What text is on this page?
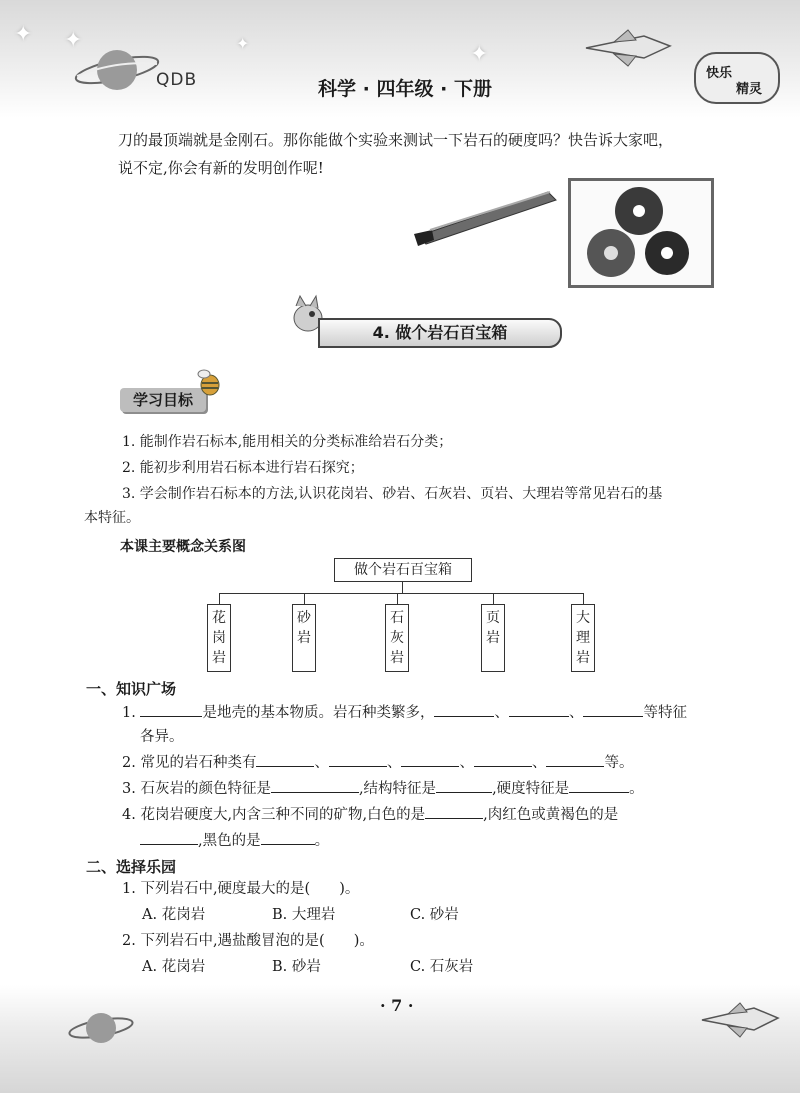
✦ ✦	✦	✦
QDB	科学 · 四年级 · 下册
快乐
精灵
刀的最顶端就是金刚石。那你能做个实验来测试一下岩石的硬度吗？快告诉大家吧，
说不定,你会有新的发明创作呢!
4. 做个岩石百宝箱
学习目标
1. 能制作岩石标本,能用相关的分类标准给岩石分类；
2. 能初步利用岩石标本进行岩石探究；
3. 学会制作岩石标本的方法,认识花岗岩、砂岩、石灰岩、页岩、大理岩等常见岩石的基
本特征。
本课主要概念关系图
做个岩石百宝箱
花岗岩
砂岩
石灰岩
页岩
大理岩
一、知识广场
1.	是地壳的基本物质。岩石种类繁多，	、	、	等特征
各异。
2. 常见的岩石种类有	、	、	、	、	等。
3. 石灰岩的颜色特征是	,结构特征是	,硬度特征是	。
4. 花岗岩硬度大,内含三种不同的矿物,白色的是	,肉红色或黄褐色的是
,黑色的是	。
二、选择乐园
1. 下列岩石中,硬度最大的是(　　)。
A. 花岗岩	B. 大理岩	C. 砂岩
2. 下列岩石中,遇盐酸冒泡的是(　　)。
A. 花岗岩	B. 砂岩	C. 石灰岩
· 7 ·
